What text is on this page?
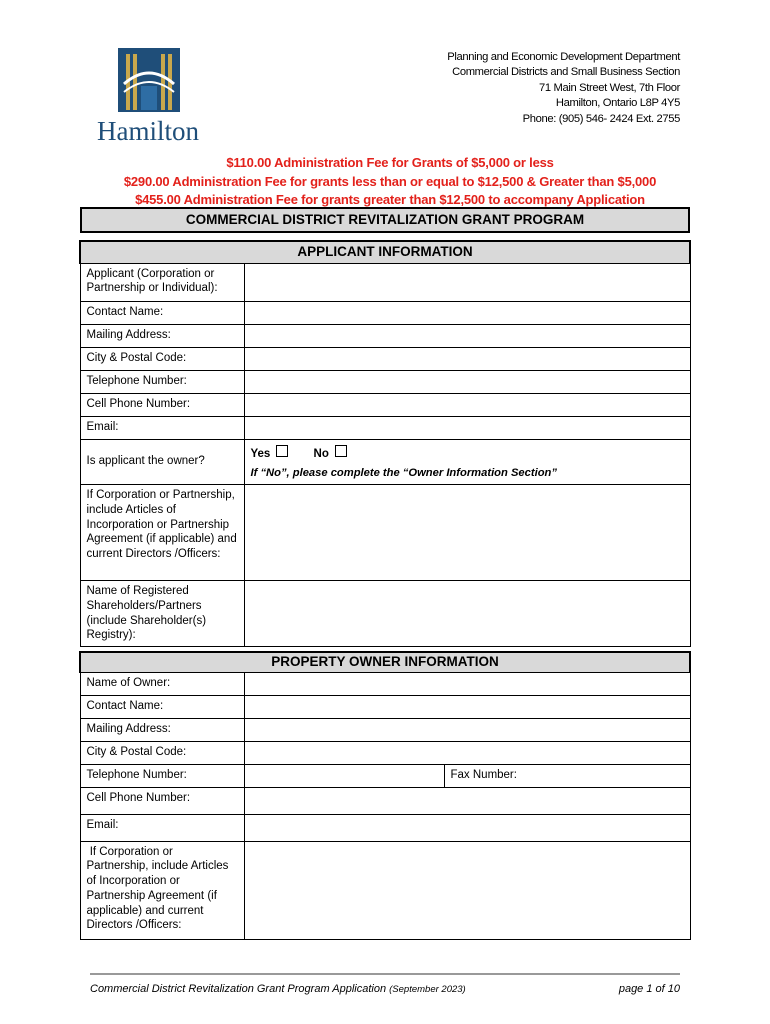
Hamilton
Planning and Economic Development Department
Commercial Districts and Small Business Section
71 Main Street West, 7th Floor
Hamilton, Ontario L8P 4Y5
Phone: (905) 546- 2424 Ext. 2755
$110.00 Administration Fee for Grants of $5,000 or less
$290.00 Administration Fee for grants less than or equal to $12,500 & Greater than $5,000
$455.00 Administration Fee for grants greater than $12,500 to accompany Application
COMMERCIAL DISTRICT REVITALIZATION GRANT PROGRAM
APPLICANT INFORMATION	
Applicant (Corporation or Partnership or Individual):	
Contact Name:	
Mailing Address:	
City & Postal Code:	
Telephone Number:	
Cell Phone Number:	
Email:	
Is applicant the owner?	Yes No
If “No”, please complete the “Owner Information Section”

If Corporation or Partnership, include Articles of Incorporation or Partnership Agreement (if applicable) and current Directors /Officers:	
Name of Registered Shareholders/Partners (include Shareholder(s) Registry):	
PROPERTY OWNER INFORMATION		
Name of Owner:		
Contact Name:		
Mailing Address:		
City & Postal Code:		
Telephone Number:		Fax Number:
Cell Phone Number:		
Email:		
If Corporation or Partnership, include Articles of Incorporation or Partnership Agreement (if applicable) and current Directors /Officers:		
Commercial District Revitalization Grant Program Application (September 2023)	page 1 of 10
